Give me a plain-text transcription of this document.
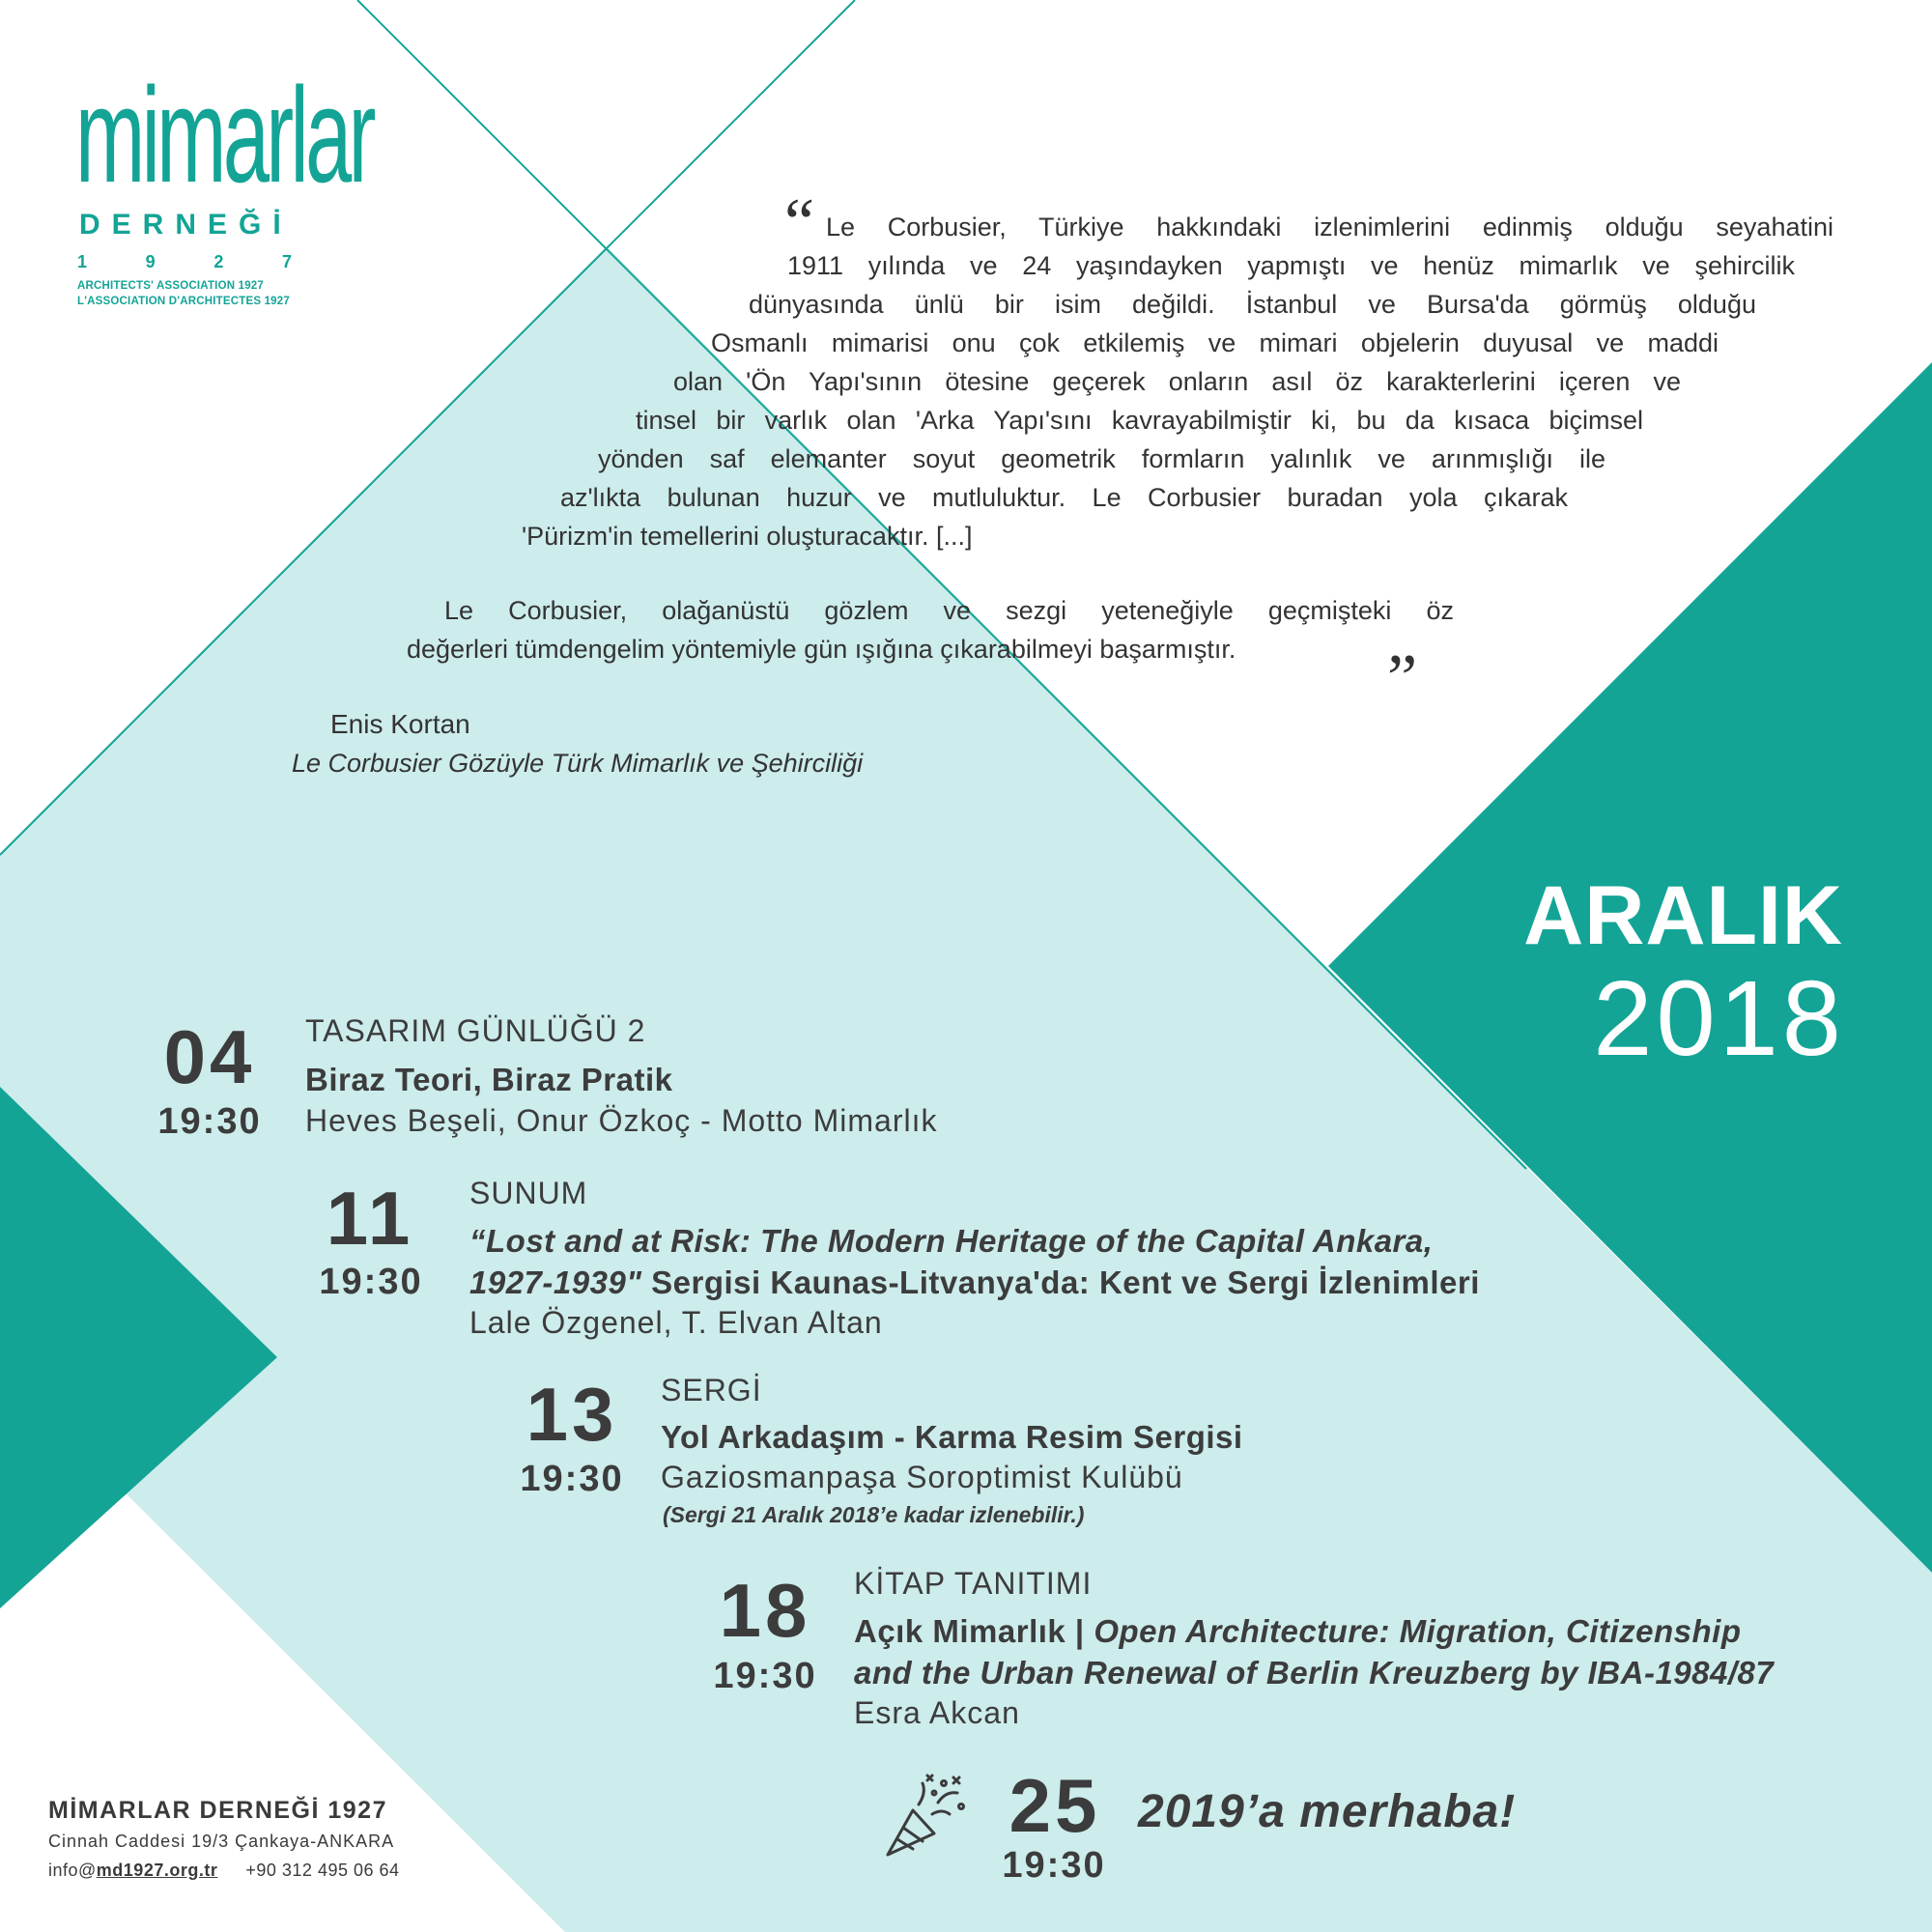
mimarlar
DERNEĞİ
1	9	2	7
ARCHITECTS' ASSOCIATION 1927
L'ASSOCIATION D'ARCHITECTES 1927
“ Le Corbusier, Türkiye hakkındaki izlenimlerini edinmiş olduğu seyahatini
1911 yılında ve 24 yaşındayken yapmıştı ve henüz mimarlık ve şehircilik
dünyasında ünlü bir isim değildi. İstanbul ve Bursa'da görmüş olduğu
Osmanlı mimarisi onu çok etkilemiş ve mimari objelerin duyusal ve maddi
olan 'Ön Yapı'sının ötesine geçerek onların asıl öz karakterlerini içeren ve
tinsel bir varlık olan 'Arka Yapı'sını kavrayabilmiştir ki, bu da kısaca biçimsel
yönden saf elemanter soyut geometrik formların yalınlık ve arınmışlığı ile
az'lıkta bulunan huzur ve mutluluktur. Le Corbusier buradan yola çıkarak
'Pürizm'in temellerini oluşturacaktır. [...]
Le Corbusier, olağanüstü gözlem ve sezgi yeteneğiyle geçmişteki öz
değerleri tümdengelim yöntemiyle gün ışığına çıkarabilmeyi başarmıştır. ”
Enis Kortan
Le Corbusier Gözüyle Türk Mimarlık ve Şehirciliği
ARALIK
2018
04
19:30
TASARIM GÜNLÜĞÜ 2
Biraz Teori, Biraz Pratik
Heves Beşeli, Onur Özkoç - Motto Mimarlık
11
19:30
SUNUM
“Lost and at Risk: The Modern Heritage of the Capital Ankara,
1927-1939" Sergisi Kaunas-Litvanya'da: Kent ve Sergi İzlenimleri
Lale Özgenel, T. Elvan Altan
13
19:30
SERGİ
Yol Arkadaşım - Karma Resim Sergisi
Gaziosmanpaşa Soroptimist Kulübü
(Sergi 21 Aralık 2018’e kadar izlenebilir.)
18
19:30
KİTAP TANITIMI
Açık Mimarlık | Open Architecture: Migration, Citizenship
and the Urban Renewal of Berlin Kreuzberg by IBA-1984/87
Esra Akcan
25
19:30
2019’a merhaba!
MİMARLAR DERNEĞİ 1927
Cinnah Caddesi 19/3 Çankaya-ANKARA
info@md1927.org.tr +90 312 495 06 64
